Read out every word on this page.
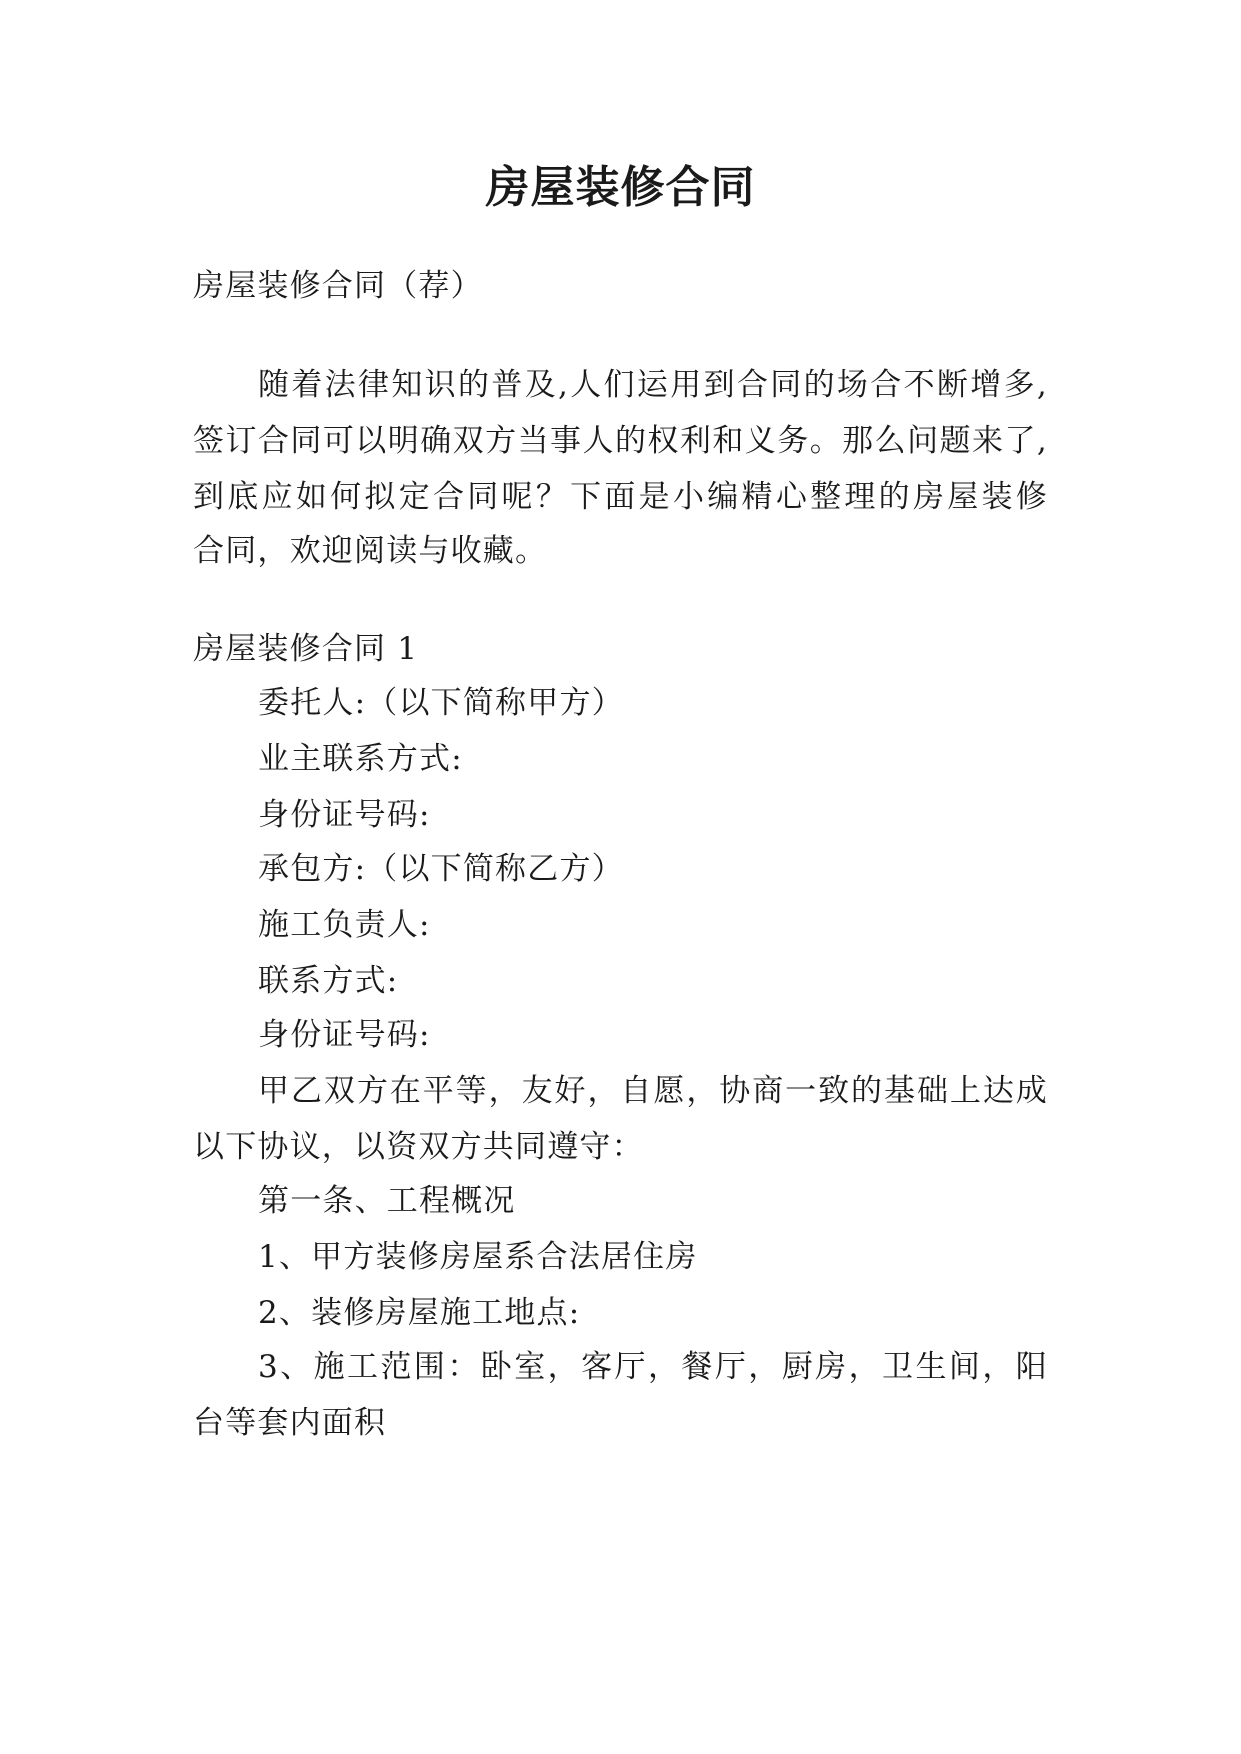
房屋装修合同
房屋装修合同（荐）
随着法律知识的普及,人们运用到合同的场合不断增多,
签订合同可以明确双方当事人的权利和义务。那么问题来了,
到底应如何拟定合同呢？下面是小编精心整理的房屋装修
合同，欢迎阅读与收藏。
房屋装修合同 1
委托人:（以下简称甲方）
业主联系方式:
身份证号码:
承包方:（以下简称乙方）
施工负责人:
联系方式:
身份证号码:
甲乙双方在平等，友好，自愿，协商一致的基础上达成
以下协议，以资双方共同遵守：
第一条、工程概况
1、甲方装修房屋系合法居住房
2、装修房屋施工地点:
3、施工范围：卧室，客厅，餐厅，厨房，卫生间，阳
台等套内面积
